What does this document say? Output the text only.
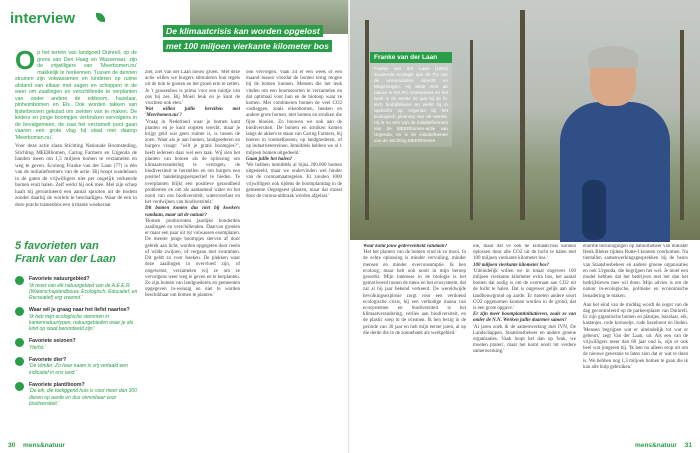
interview
De klimaatcrisis kan worden opgelost
met 100 miljoen vierkante kilometer bos
Op het terrein van landgoed Duinrell, op de grens van Den Haag en Wassenaar, zijn de vrijwilligers van 'Meerbomen.nu' makkelijk te herkennen. Tussen de dennen struinen zijn volwassenen en kinderen op ruime afstand van elkaar met zagen en schoppen in de weer om zaailingen en verschillende te verplanten van onder andere de eikboom, hazelaar, pinheimbomen en Els. Ook worden takken van lijsterbessen gekuisd om ziekten van te maken. De leiders en jonge boompjes verbruiken vervolgens in de bevalgemeen, de zaai het verzamelt punt gaan vaaren een grote vlag bij staat met daarop 'Meerbomen.nu'.
Voor deze actie slaan Stichting Nationale Boomsteding, Stichting MEERbomen, Caring Farmers en Urgenda de handen ineen om 1,5 miljoen bomen te verzamelen en weg te geven. Ecoloog Franke van der Laan (77) is één van de initiatiefnemers van de actie. Hij hoopt wandelaars in de gaten de vrijwilligers niet per ongelijk verkeerde bomen eruit halen. Zelf werkt hij ook mee. Met zijn schop haalt hij geroutineerd een aantal spruiten uit de bodem zonder daarbij de wortels te beschadigen. Waar de een in deze pracht tramenbos een irritante woekeraar
5 favorieten van
Frank van der Laan
Favoriete natuurgebied?
'Ik moet van elk natuurgebied van de A.E.E.R. (Waterschaplandbouw, Ecologisch, Educatief, en Recreatief) erg vreemd.'
Waar wil je graag naar het liefst naartoe?
'Ik heb mijn ecologische stemmen in kantennatuurtypen, natuurgebieden waar je als kind op staat beoordeeld zijn.'
Favoriete seizoen?
'Herfst.'
Favoriete dier?
'De vlinder. Zo haar naam is vrij vertaald een indicatief in ons land.'
Favoriete plant/boom?
'De eik, die toeliggend huis is voor meer dan 300 dieren op aarde en dus onmisbaar voor biodiversiteit.'
ziet, ziet Van der Laan nieuw groen. 'Met deze actie willen we burgers stimuleren hun tegels uit de tuin te gooien en het groen erin te zetten. Je 't grassenbos is prima voor een tuintje van ons bij zes. Bij Moeil leuk en je kunt de vruchten ook eten.'
Wat willen jullie bereiken met 'Meerbomen.nu'?
'Vraag in Nederland waar je bomen kunt planten en je kunt oogsten terecht, maar je krijgt geld wat geen ruimte is, is tussen de zoen. Want als je aan bomen, landgoederen en burgers vraagt: "wilt je gratis boompjes?", heeft iedereen daar wel een taak. Wij sien het planten van bomen als de oplossing om klimaatverandering te vertragen, de biodiversiteit te herstellen en om burgers een positief handelingsperspectief te bieden. Te overplanten blijkt een positieve gezondheid problemen en om als aantastend water en het nooit van ons biodiversiteit, wateroverlast en het verdwijnen van biodiversiteit.'
Dit bomen komen dus niet bij kwekers vandaan, maar uit de natuur?
'Bomen producenten jaarlijks honderden zaailingen en verschillenden. Daarvan groeien er maar een paar uit tot volwassen exemplaren. De meeste jonge boompjes sterven af door gebrek aan licht, worden opgegeten door reeën of wilde zwijnen, of vergaan met zwammen. Dit geldt zo voor boeken. De plekken waar deze zaailingen in overvloed zijn, of ongewenst, verzamelen wij ze om ze vervolgens weer weg te geven en te herplanten. Zo zijn bomen van landgoederen en gemeenten opgegeven in-wennig en niet te worden beschikbaar om bomen te planten.'
ook vervolgen. Vaak zit er een week of een maand tussen voordat de bomen terug mogen bij de bomen kunnen. Mensen die het leuk vinden om een boomsoorten te verzamelen en dat optimaal voor hun en de biotoop waar ze komen. Mei combineren bomen de veel CO2 vastleggen, zoals eikenbomen, beuken en andere grote bomen, met bomen en struiken die fijne bloeien. Zo bouwen we ook aan de biodiversiteit. De bomen en struiken komen langs de akkers te staan van Caring Farmers, bij boeren in voedselbossen, op landgoederen, of op industrieterreinen. Inmiddels hebben we al 1 miljoen bomen uitgedeeld.'
Gaan jullie het halen?
'We hebben inmiddels al bijna 200.000 bomen uitgedeeld, maar we ondervinden wel hinder van de coronamaatregelen. Er zouden 1000 vrijwilligers ook tijdens de boomplantdag in de gemeente Oegstgeest planten, maar dat moest door de corona-uitbraak worden afgelast.'
30 mens&natuur
Franke van der Laan
Franke van der Laan (1953) studeerde ecologie aan de TU van de universiteiten Utrecht en Wageningen. Hij wilde voor de natuur in het IFC Enterprises en het werk in de eerste 30 jaar bij de hi-tech bedrijfsleven en werkt hij in opdracht op Urgenda bij het ecologisch planning van de wereld. Hij is nu een van de initiatiefnemers van de MEERbomen-actie van Urgenda, en is de initiatiefnemer van de Stichting MEERbomen.
Waar komt jouw gedrevenheid vandaan?
'Het het planten van de bomen vind ik zo mooi. In de echte oplossing is minder vervuiling, minder mensen en minder overconsumptie. Ik ben ecoloog, maar heb ook nooit in mijn beroep gewerkt. Mijn interesse in de biologie is het gemotiveerd tussen de mens en het ecosysteem, dat zat al bij jaar bekend verkeerd. De wereldwijde bevolkingsexplosie zorgt voor een verdoend ecologische crisis, bij een verbodige massa van ecosystemen en biodiversiteit is het klimaatverandering, verlies aan biodiversiteit, en de plastic soep in de oceanen. Ik ben bezig in de periode van 30 jaar en heb mijn eerste jaren, al op die derde die in de zonnebank als werkgebied.'
nie, maar dat ve ook de klimaatcrisis kunnen oplossen door alle CO2 uit de lucht te halen met 100 miljoen vierkante kilometer bos.'
100 miljoen vierkante kilometer bos?
'Uiteindelijk willen we in totaal ongeveer 100 miljoen vierkante kilometer extra bos, het aantal bomen dat nodig is om de overmaat aan CO2 uit de lucht te halen. Dat is ongeveer gelijk aan alle landbouwgrond op aarde. Er moeten andere soort CO2 opgenomen kunnen worden in de grond, dat is een grote opgave.'
Er zijn meer boomplantinitiatieven, zoals ze van onder de N.N. Werken jullie daarmee samen?
'Al jaren zoek ik de samenwerking met IVN, De Landschappen, Staatsbosbeheer en andere groene organisaties. Vaak loopt het dan op 'leuk, we moeten praten', maar het komt nooit tot verdere samenwerking.'
enorme bezuinigingen op natuurbeheer van minister Henk Bleker tijdens Rutte-I kunnen voorkomen. Na tientallen samenwerkingsgesprekken bij de beurs van Staatsbosbeheer en andere groene organisaties en ook Urgenda, die begrijpen het wel. Je moet een model hebben dat het bedrijven met het dan het bedrijfsleven mee wil doen. Mijn advies is om de natuur in-ecologische, politieke en economische benadering te maken.
Aan het eind van de middag wordt de oogst van de dag gecontroleerd op de parkeerplaats van Duinrell. Er zijn gigantische bomen en plantjes, hazelaar, eik, kastanjes, rode kornoelje, rode hazelnoot en linden. 'Mensen begrijpen wat er uiteindelijk tot wat er gebeurt,' zegt Van der Laan, uit. Als een van de vrijwilligers meer dan 80 jaar oud is, zijn er ook heel wat jongeren bij. 'Ik ben nu alleen erop uit om de nieuwe generatie te laten zien dat er wat te doen is. We hebben nog 1,3 miljoen bomen te gaan die ik kan alle hulp gebruiken.'
mens&natuur 31
